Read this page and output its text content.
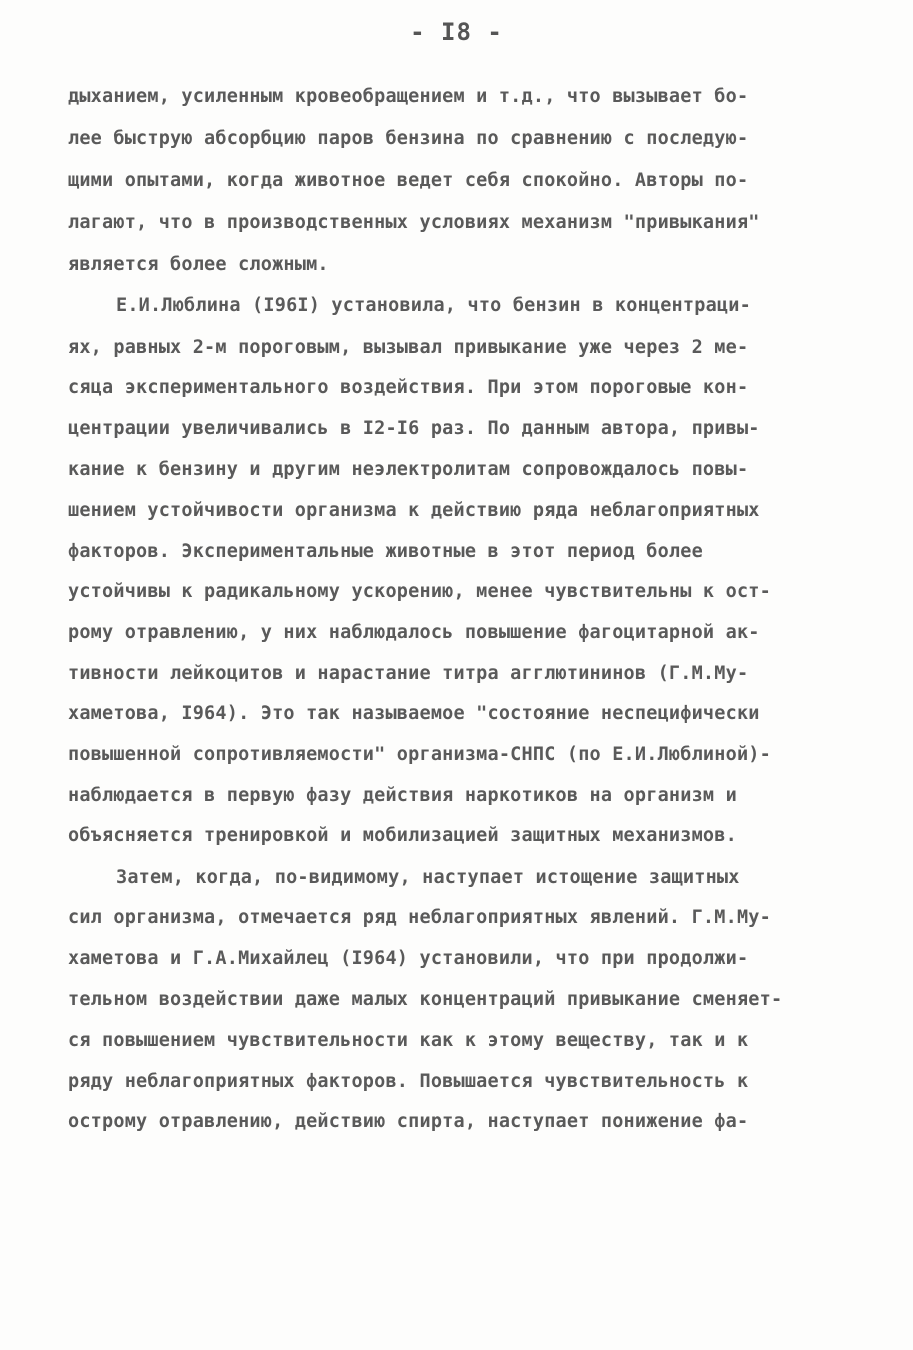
- I8 -
дыханием, усиленным кровеобращением и т.д., что вызывает бо-
лее быструю абсорбцию паров бензина по сравнению с последую-
щими опытами, когда животное ведет себя спокойно. Авторы по-
лагают, что в производственных условиях механизм "привыкания"
является более сложным.
Е.И.Люблина (I96I) установила, что бензин в концентраци-
ях, равных 2-м пороговым, вызывал привыкание уже через 2 ме-
сяца экспериментального воздействия. При этом пороговые кон-
центрации увеличивались в I2-I6 раз. По данным автора, привы-
кание к бензину и другим неэлектролитам сопровождалось повы-
шением устойчивости организма к действию ряда неблагоприятных
факторов. Экспериментальные животные в этот период более
устойчивы к радикальному ускорению, менее чувствительны к ост-
рому отравлению, у них наблюдалось повышение фагоцитарной ак-
тивности лейкоцитов и нарастание титра агглютининов (Г.М.Му-
хаметова, I964). Это так называемое "состояние неспецифически
повышенной сопротивляемости" организма-СНПС (по Е.И.Люблиной)-
наблюдается в первую фазу действия наркотиков на организм и
объясняется тренировкой и мобилизацией защитных механизмов.
Затем, когда, по-видимому, наступает истощение защитных
сил организма, отмечается ряд неблагоприятных явлений. Г.М.Му-
хаметова и Г.А.Михайлец (I964) установили, что при продолжи-
тельном воздействии даже малых концентраций привыкание сменяет-
ся повышением чувствительности как к этому веществу, так и к
ряду неблагоприятных факторов. Повышается чувствительность к
острому отравлению, действию спирта, наступает понижение фа-
